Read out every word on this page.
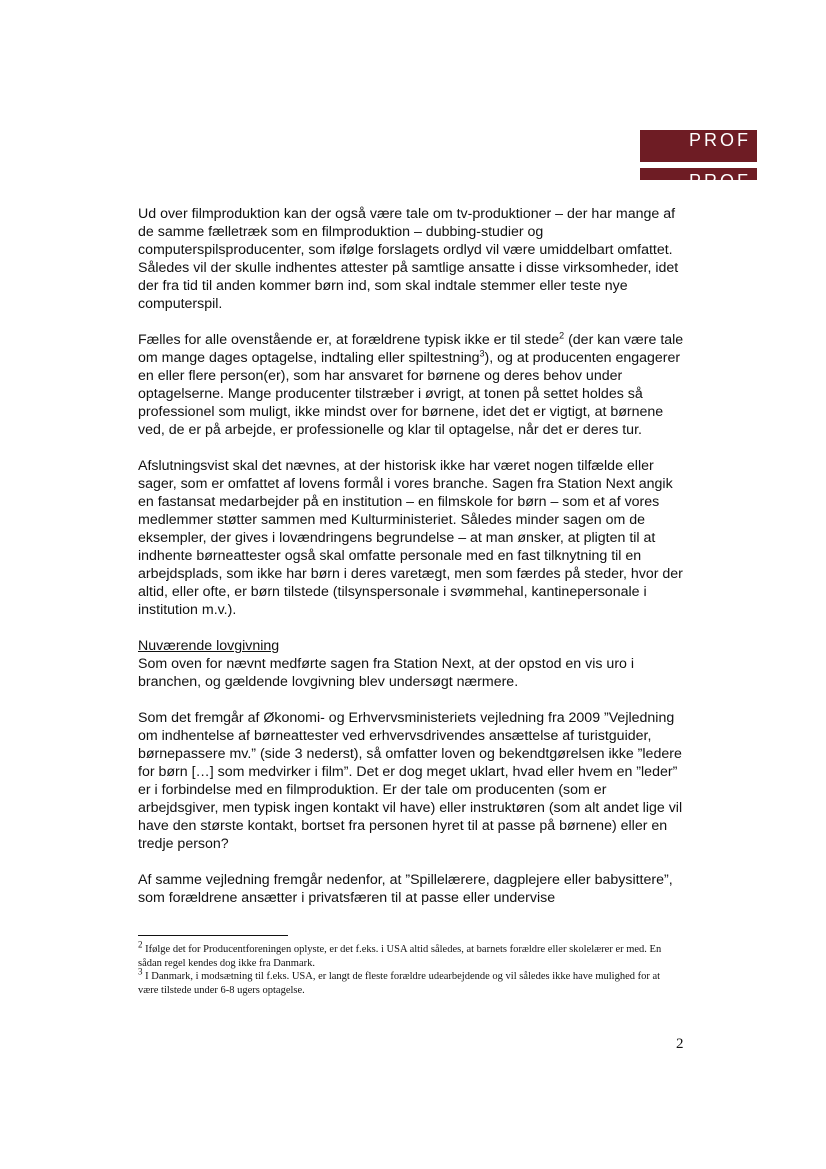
PROF
PROF

Ud over filmproduktion kan der også være tale om tv-produktioner – der har mange af de samme fælletræk som en filmproduktion – dubbing-studier og computerspilsproducenter, som ifølge forslagets ordlyd vil være umiddelbart omfattet. Således vil der skulle indhentes attester på samtlige ansatte i disse virksomheder, idet der fra tid til anden kommer børn ind, som skal indtale stemmer eller teste nye computerspil.

Fælles for alle ovenstående er, at forældrene typisk ikke er til stede$^2$ (der kan være tale om mange dages optagelse, indtaling eller spiltestning$^3$), og at producenten engagerer en eller flere person(er), som har ansvaret for børnene og deres behov under optagelserne. Mange producenter tilstræber i øvrigt, at tonen på settet holdes så professionel som muligt, ikke mindst over for børnene, idet det er vigtigt, at børnene ved, de er på arbejde, er professionelle og klar til optagelse, når det er deres tur.

Afslutningsvist skal det nævnes, at der historisk ikke har været nogen tilfælde eller sager, som er omfattet af lovens formål i vores branche. Sagen fra Station Next angik en fastansat medarbejder på en institution – en filmskole for børn – som et af vores medlemmer støtter sammen med Kulturministeriet. Således minder sagen om de eksempler, der gives i lovændringens begrundelse – at man ønsker, at pligten til at indhente børneattester også skal omfatte personale med en fast tilknytning til en arbejdsplads, som ikke har børn i deres varetægt, men som færdes på steder, hvor der altid, eller ofte, er børn tilstede (tilsynspersonale i svømmehal, kantinepersonale i institution m.v.).

Nuværende lovgivning
Som oven for nævnt medførte sagen fra Station Next, at der opstod en vis uro i branchen, og gældende lovgivning blev undersøgt nærmere.

Som det fremgår af Økonomi- og Erhvervsministeriets vejledning fra 2009 ”Vejledning om indhentelse af børneattester ved erhvervsdrivendes ansættelse af turistguider, børnepassere mv.” (side 3 nederst), så omfatter loven og bekendtgørelsen ikke ”ledere for børn […] som medvirker i film”. Det er dog meget uklart, hvad eller hvem en ”leder” er i forbindelse med en filmproduktion. Er der tale om producenten (som er arbejdsgiver, men typisk ingen kontakt vil have) eller instruktøren (som alt andet lige vil have den største kontakt, bortset fra personen hyret til at passe på børnene) eller en tredje person?

Af samme vejledning fremgår nedenfor, at ”Spillelærere, dagplejere eller babysittere”, som forældrene ansætter i privatsfæren til at passe eller undervise

$^2$ Ifølge det for Producentforeningen oplyste, er det f.eks. i USA altid således, at barnets forældre eller skolelærer er med. En sådan regel kendes dog ikke fra Danmark.

$^3$ I Danmark, i modsætning til f.eks. USA, er langt de fleste forældre udearbejdende og vil således ikke have mulighed for at være tilstede under 6-8 ugers optagelse.

2
